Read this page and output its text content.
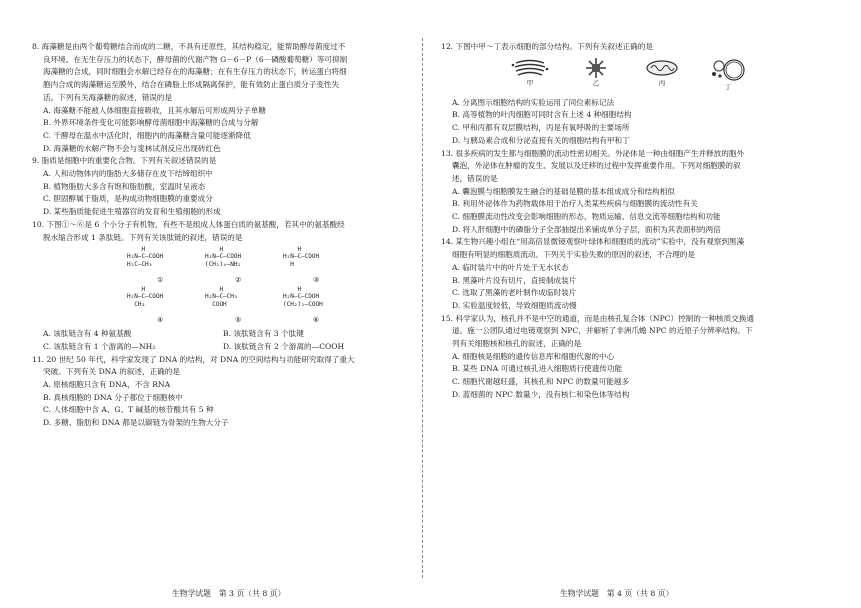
8. 海藻糖是由两个葡萄糖结合而成的二糖，不具有还原性，其结构稳定，能帮助酵母菌度过不
良环境。在无生存压力的状态下，酵母菌的代谢产物 G－6－P（6－磷酸葡萄糖）等可抑制
海藻糖的合成，同时细胞会水解已经存在的海藻糖；在有生存压力的状态下，转运蛋白将细
胞内合成的海藻糖运至膜外，结合在磷脂上形成隔离保护，能有效防止蛋白质分子变性失
活。下列有关海藻糖的叙述，错误的是
A. 海藻糖不能被人体细胞直接吸收，且其水解后可形成两分子单糖
B. 外界环境条件变化可能影响酵母菌细胞中海藻糖的合成与分解
C. 干酵母在温水中活化时，细胞内的海藻糖含量可能逐渐降低
D. 海藻糖的水解产物不会与斐林试剂反应出现砖红色
9. 脂质是细胞中的重要化合物。下列有关叙述错误的是
A. 人和动物体内的脂肪大多储存在皮下结缔组织中
B. 植物脂肪大多含有饱和脂肪酸，室温时呈液态
C. 胆固醇属于脂质，是构成动物细胞膜的重要成分
D. 某些脂质能促进生殖器官的发育和生殖细胞的形成
10. 下图①～⑥是 6 个小分子有机物，有些不是组成人体蛋白质的氨基酸，若其中的氨基酸经
脱水缩合形成 1 条肽链。下列有关该肽链的叙述，错误的是
H
H₂N—C—COOH
H₂C—CH₃
①
H
H₂N—C—COOH
(CH₂)₄—NH₂
②
H
H₂N—C—COOH
H
③
H
H₂N—C—COOH
CH₃
④
H
H₂N—C—CH₃
COOH
⑤
H
H₂N—C—COOH
(CH₂)₂—COOH
⑥
A. 该肽链含有 4 种氨基酸	B. 该肽链含有 3 个肽键
C. 该肽链含有 1 个游离的—NH₂	D. 该肽链含有 2 个游离的—COOH
11. 20 世纪 50 年代，科学家发现了 DNA 的结构，对 DNA 的空间结构与功能研究取得了重大
突破。下列有关 DNA 的叙述，正确的是
A. 原核细胞只含有 DNA，不含 RNA
B. 真核细胞的 DNA 分子都位于细胞核中
C. 人体细胞中含 A、G、T 碱基的核苷酸共有 5 种
D. 多糖、脂肪和 DNA 都是以碳链为骨架的生物大分子
12. 下图中甲～丁表示细胞的部分结构。下列有关叙述正确的是
甲	乙	丙	丁
A. 分离图示细胞结构的实验运用了同位素标记法
B. 高等植物的叶肉细胞可同时含有上述 4 种细胞结构
C. 甲和丙都有双层膜结构，丙是有氧呼吸的主要场所
D. 与胰岛素合成和分泌直接有关的细胞结构有甲和丁
13. 很多疾病的发生都与细胞膜的流动性密切相关。外泌体是一种由细胞产生并释放的胞外
囊泡，外泌体在肿瘤的发生、发展以及迁移的过程中发挥重要作用。下列对细胞膜的叙
述，错误的是
A. 囊泡膜与细胞膜发生融合的基础是膜的基本组成成分和结构相似
B. 利用外泌体作为药物载体用于治疗人类某些疾病与细胞膜的流动性有关
C. 细胞膜流动性改变会影响细胞的形态、物质运输、信息交流等细胞结构和功能
D. 将人肝细胞中的磷脂分子全部抽提出来铺成单分子层，面积为其表面积的两倍
14. 某生物兴趣小组在“用高倍显微镜观察叶绿体和细胞质的流动”实验中，没有观察到黑藻
细胞有明显的细胞质流动。下列关于实验失败的原因的叙述，不合理的是
A. 临时装片中的叶片处于无水状态
B. 黑藻叶片没有切片，直接制成装片
C. 选取了黑藻的老叶制作成临时装片
D. 实验温度较低，导致细胞质流动慢
15. 科学家认为，核孔并不是中空的通道，而是由核孔复合体（NPC）控制的一种核质交换通
道。施一公团队通过电镜观察到 NPC，并解析了非洲爪蟾 NPC 的近原子分辨率结构。下
列有关细胞核和核孔的叙述，正确的是
A. 细胞核是细胞的遗传信息库和细胞代谢的中心
B. 某些 DNA 可通过核孔进入细胞质行使遗传功能
C. 细胞代谢越旺盛，其核孔和 NPC 的数量可能越多
D. 蓝细菌的 NPC 数量少，没有核仁和染色体等结构
生物学试题　第 3 页（共 8 页）	生物学试题　第 4 页（共 8 页）
